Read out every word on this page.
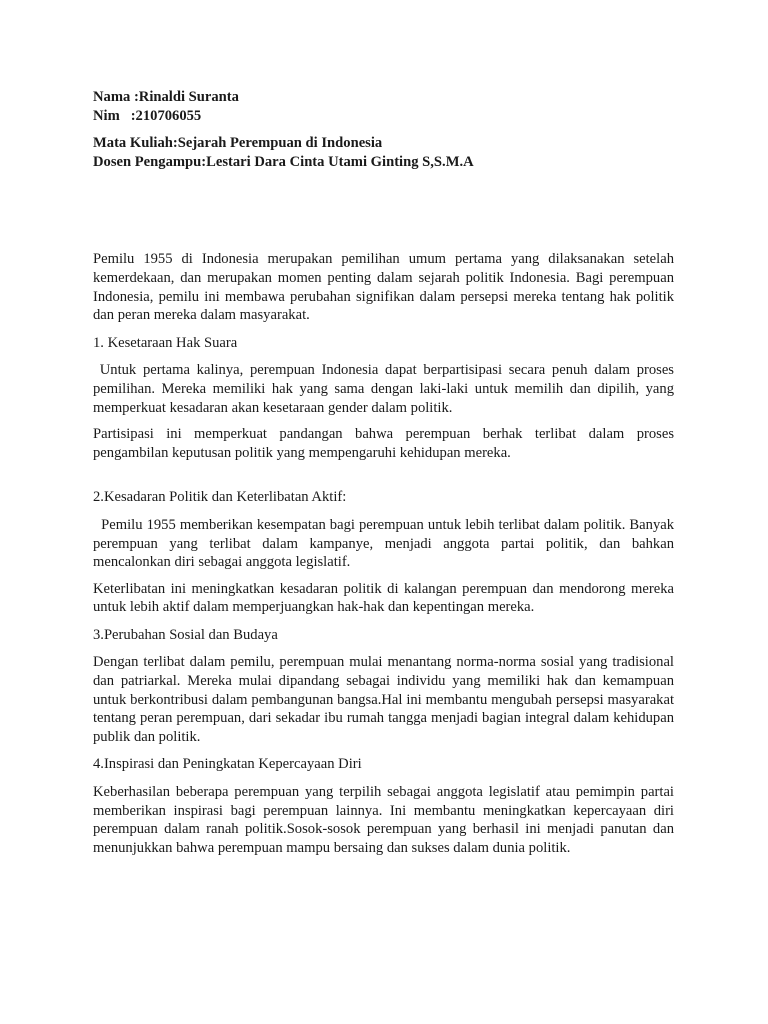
Nama :Rinaldi Suranta

Nim   :210706055

Mata Kuliah:Sejarah Perempuan di Indonesia

Dosen Pengampu:Lestari Dara Cinta Utami Ginting S,S.M.A

Pemilu 1955 di Indonesia merupakan pemilihan umum pertama yang dilaksanakan setelah kemerdekaan, dan merupakan momen penting dalam sejarah politik Indonesia. Bagi perempuan Indonesia, pemilu ini membawa perubahan signifikan dalam persepsi mereka tentang hak politik dan peran mereka dalam masyarakat.

1. Kesetaraan Hak Suara

Untuk pertama kalinya, perempuan Indonesia dapat berpartisipasi secara penuh dalam proses pemilihan. Mereka memiliki hak yang sama dengan laki-laki untuk memilih dan dipilih, yang memperkuat kesadaran akan kesetaraan gender dalam politik.

Partisipasi ini memperkuat pandangan bahwa perempuan berhak terlibat dalam proses pengambilan keputusan politik yang mempengaruhi kehidupan mereka.

2.Kesadaran Politik dan Keterlibatan Aktif:

Pemilu 1955 memberikan kesempatan bagi perempuan untuk lebih terlibat dalam politik. Banyak perempuan yang terlibat dalam kampanye, menjadi anggota partai politik, dan bahkan mencalonkan diri sebagai anggota legislatif.

Keterlibatan ini meningkatkan kesadaran politik di kalangan perempuan dan mendorong mereka untuk lebih aktif dalam memperjuangkan hak-hak dan kepentingan mereka.

3.Perubahan Sosial dan Budaya

Dengan terlibat dalam pemilu, perempuan mulai menantang norma-norma sosial yang tradisional dan patriarkal. Mereka mulai dipandang sebagai individu yang memiliki hak dan kemampuan untuk berkontribusi dalam pembangunan bangsa.Hal ini membantu mengubah persepsi masyarakat tentang peran perempuan, dari sekadar ibu rumah tangga menjadi bagian integral dalam kehidupan publik dan politik.

4.Inspirasi dan Peningkatan Kepercayaan Diri

Keberhasilan beberapa perempuan yang terpilih sebagai anggota legislatif atau pemimpin partai memberikan inspirasi bagi perempuan lainnya. Ini membantu meningkatkan kepercayaan diri perempuan dalam ranah politik.Sosok-sosok perempuan yang berhasil ini menjadi panutan dan menunjukkan bahwa perempuan mampu bersaing dan sukses dalam dunia politik.
